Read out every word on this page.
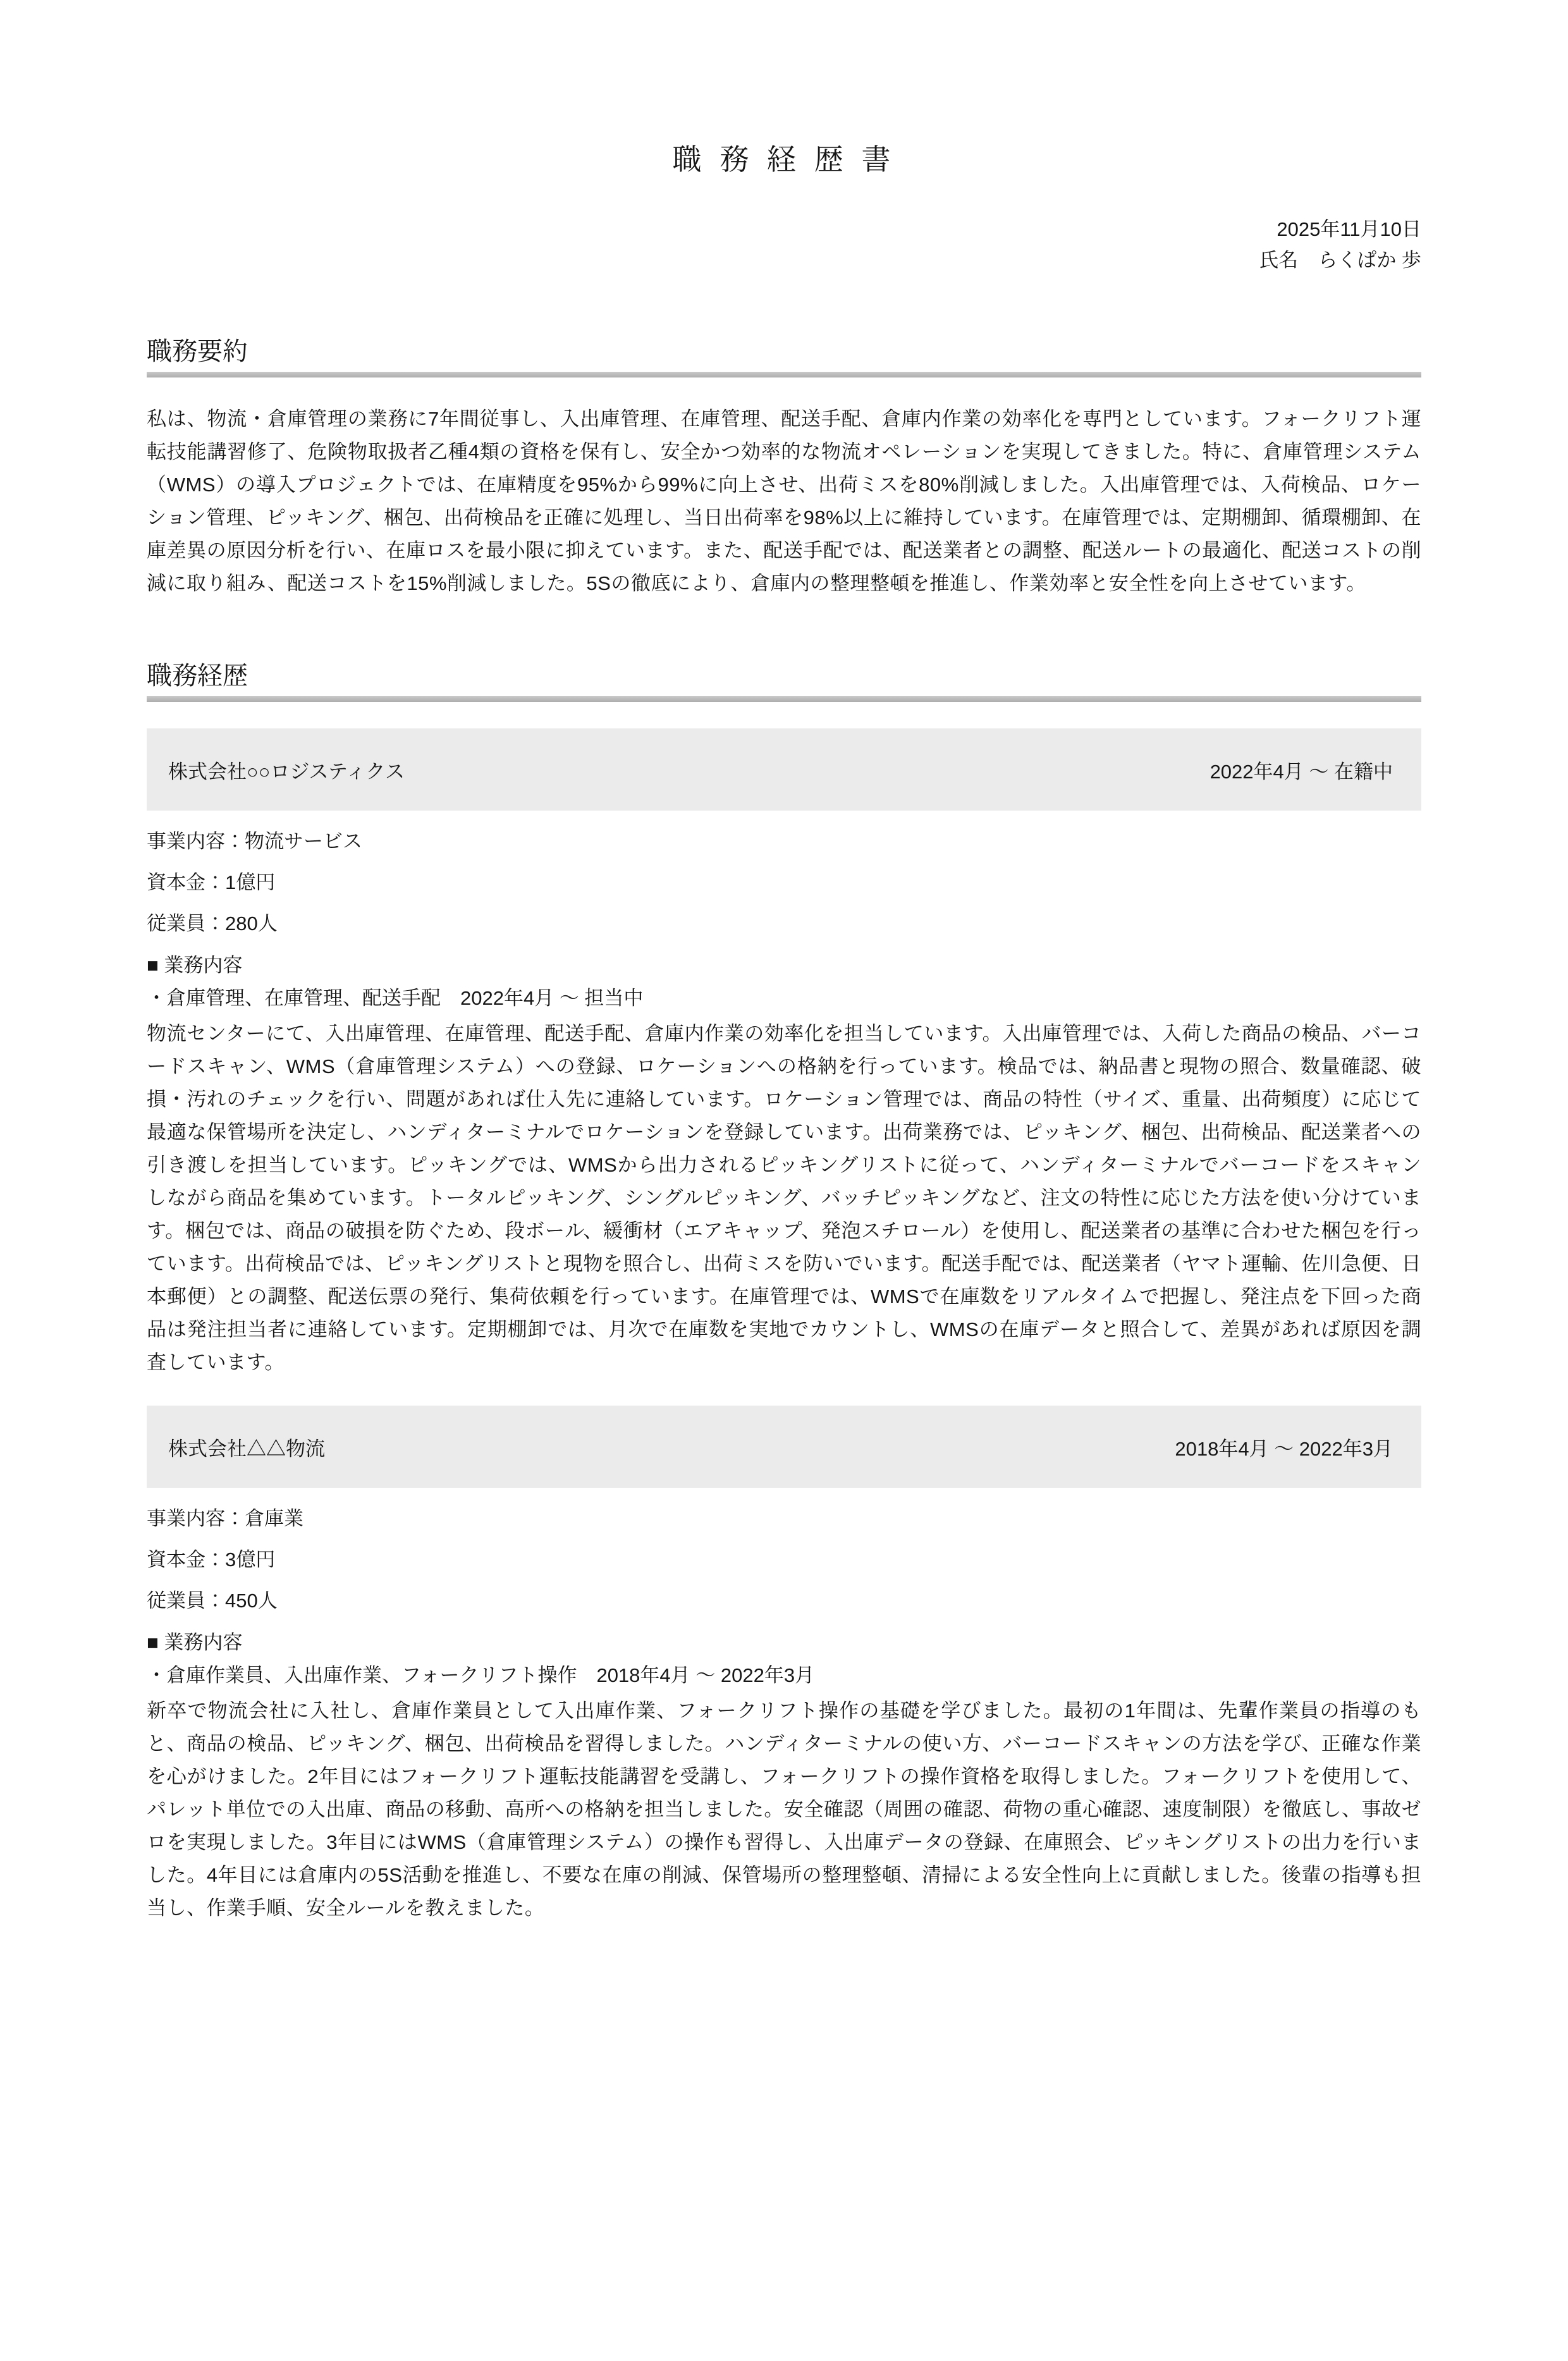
職 務 経 歴 書
2025年11月10日
氏名　らくぱか 歩
職務要約

私は、物流・倉庫管理の業務に7年間従事し、入出庫管理、在庫管理、配送手配、倉庫内作業の効率化を専門としています。フォークリフト運転技能講習修了、危険物取扱者乙種4類の資格を保有し、安全かつ効率的な物流オペレーションを実現してきました。特に、倉庫管理システム（WMS）の導入プロジェクトでは、在庫精度を95%から99%に向上させ、出荷ミスを80%削減しました。入出庫管理では、入荷検品、ロケーション管理、ピッキング、梱包、出荷検品を正確に処理し、当日出荷率を98%以上に維持しています。在庫管理では、定期棚卸、循環棚卸、在庫差異の原因分析を行い、在庫ロスを最小限に抑えています。また、配送手配では、配送業者との調整、配送ルートの最適化、配送コストの削減に取り組み、配送コストを15%削減しました。5Sの徹底により、倉庫内の整理整頓を推進し、作業効率と安全性を向上させています。

職務経歴
株式会社○○ロジスティクス	2022年4月 ～ 在籍中
事業内容：物流サービス
資本金：1億円
従業員：280人
■ 業務内容
・倉庫管理、在庫管理、配送手配　2022年4月 ～ 担当中

物流センターにて、入出庫管理、在庫管理、配送手配、倉庫内作業の効率化を担当しています。入出庫管理では、入荷した商品の検品、バーコードスキャン、WMS（倉庫管理システム）への登録、ロケーションへの格納を行っています。検品では、納品書と現物の照合、数量確認、破損・汚れのチェックを行い、問題があれば仕入先に連絡しています。ロケーション管理では、商品の特性（サイズ、重量、出荷頻度）に応じて最適な保管場所を決定し、ハンディターミナルでロケーションを登録しています。出荷業務では、ピッキング、梱包、出荷検品、配送業者への引き渡しを担当しています。ピッキングでは、WMSから出力されるピッキングリストに従って、ハンディターミナルでバーコードをスキャンしながら商品を集めています。トータルピッキング、シングルピッキング、バッチピッキングなど、注文の特性に応じた方法を使い分けています。梱包では、商品の破損を防ぐため、段ボール、緩衝材（エアキャップ、発泡スチロール）を使用し、配送業者の基準に合わせた梱包を行っています。出荷検品では、ピッキングリストと現物を照合し、出荷ミスを防いでいます。配送手配では、配送業者（ヤマト運輸、佐川急便、日本郵便）との調整、配送伝票の発行、集荷依頼を行っています。在庫管理では、WMSで在庫数をリアルタイムで把握し、発注点を下回った商品は発注担当者に連絡しています。定期棚卸では、月次で在庫数を実地でカウントし、WMSの在庫データと照合して、差異があれば原因を調査しています。

株式会社△△物流	2018年4月 ～ 2022年3月
事業内容：倉庫業
資本金：3億円
従業員：450人
■ 業務内容
・倉庫作業員、入出庫作業、フォークリフト操作　2018年4月 ～ 2022年3月

新卒で物流会社に入社し、倉庫作業員として入出庫作業、フォークリフト操作の基礎を学びました。最初の1年間は、先輩作業員の指導のもと、商品の検品、ピッキング、梱包、出荷検品を習得しました。ハンディターミナルの使い方、バーコードスキャンの方法を学び、正確な作業を心がけました。2年目にはフォークリフト運転技能講習を受講し、フォークリフトの操作資格を取得しました。フォークリフトを使用して、パレット単位での入出庫、商品の移動、高所への格納を担当しました。安全確認（周囲の確認、荷物の重心確認、速度制限）を徹底し、事故ゼロを実現しました。3年目にはWMS（倉庫管理システム）の操作も習得し、入出庫データの登録、在庫照会、ピッキングリストの出力を行いました。4年目には倉庫内の5S活動を推進し、不要な在庫の削減、保管場所の整理整頓、清掃による安全性向上に貢献しました。後輩の指導も担当し、作業手順、安全ルールを教えました。
